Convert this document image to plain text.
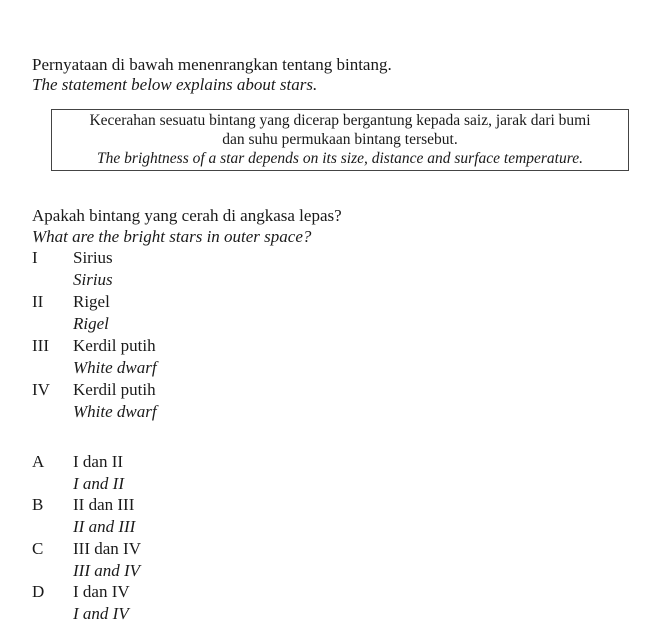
Pernyataan di bawah menenrangkan tentang bintang.
The statement below explains about stars.
Kecerahan sesuatu bintang yang dicerap bergantung kepada saiz, jarak dari bumi
dan suhu permukaan bintang tersebut.
The brightness of a star depends on its size, distance and surface temperature.
Apakah bintang yang cerah di angkasa lepas?
What are the bright stars in outer space?
I	Sirius
Sirius
II	Rigel
Rigel
III	Kerdil putih
White dwarf
IV	Kerdil putih
White dwarf
A	I dan II
I and II
B	II dan III
II and III
C	III dan IV
III and IV
D	I dan IV
I and IV
